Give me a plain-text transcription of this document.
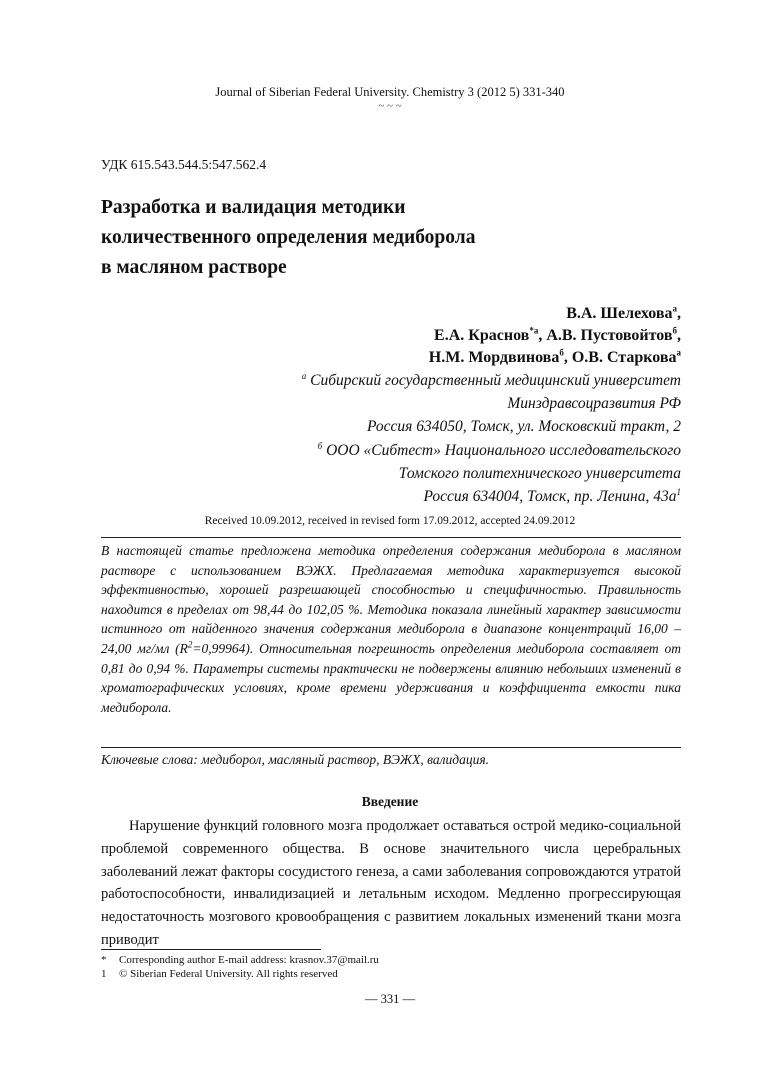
Journal of Siberian Federal University. Chemistry 3 (2012 5) 331-340
~ ~ ~
УДК 615.543.544.5:547.562.4
Разработка и валидация методики
количественного определения медиборола
в масляном растворе
В.А. Шелехова$^а$,
Е.А. Краснов$^{*а}$, А.В. Пустовойтов$^б$,
Н.М. Мордвинова$^б$, О.В. Старкова$^а$
$^а$ Сибирский государственный медицинский университет
Минздравсоцразвития РФ
Россия 634050, Томск, ул. Московский тракт, 2
$^б$ ООО «Сибтест» Национального исследовательского
Томского политехнического университета
Россия 634004, Томск, пр. Ленина, $43а^1$
Received 10.09.2012, received in revised form 17.09.2012, accepted 24.09.2012

В настоящей статье предложена методика определения содержания медиборола в масляном растворе с использованием ВЭЖХ. Предлагаемая методика характеризуется высокой эффективностью, хорошей разрешающей способностью и специфичностью. Правильность находится в пределах от 98,44 до 102,05 %. Методика показала линейный характер зависимости истинного от найденного значения содержания медиборола в диапазоне концентраций 16,00 – 24,00 мг/мл $(R^2=0,99964)$. Относительная погрешность определения медиборола составляет от 0,81 до 0,94 %. Параметры системы практически не подвержены влиянию небольших изменений в хроматографических условиях, кроме времени удерживания и коэффициента емкости пика медиборола.

Ключевые слова: медиборол, масляный раствор, ВЭЖХ, валидация.
Введение

Нарушение функций головного мозга продолжает оставаться острой медико-социальной проблемой современного общества. В основе значительного числа церебральных заболеваний лежат факторы сосудистого генеза, а сами заболевания сопровождаются утратой работоспособности, инвалидизацией и летальным исходом. Медленно прогрессирующая недостаточность мозгового кровообращения с развитием локальных изменений ткани мозга приводит

*	Corresponding author E-mail address: krasnov.37@mail.ru
1	© Siberian Federal University. All rights reserved
— 331 —
